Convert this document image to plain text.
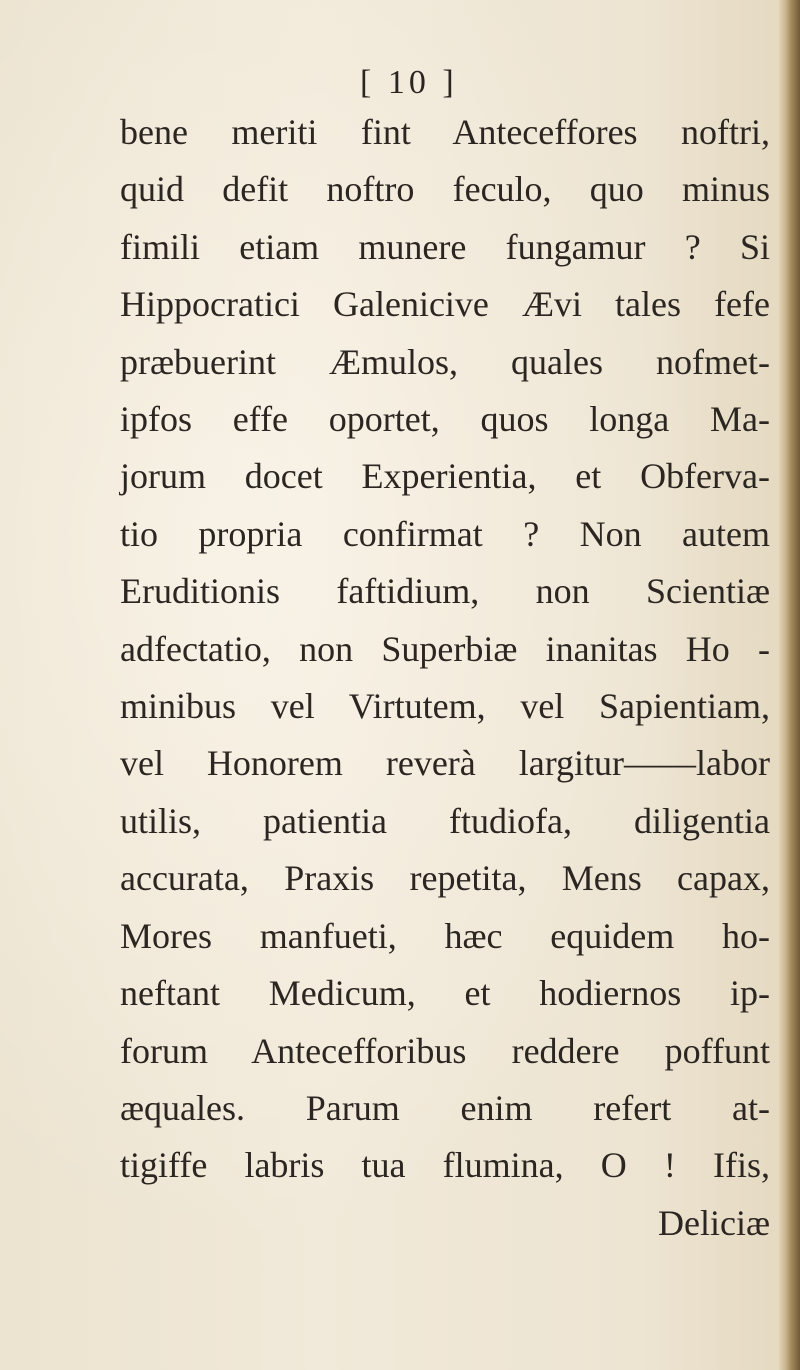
[ 10 ]
bene meriti fint Anteceffores noftri,
quid defit noftro feculo, quo minus
fimili etiam munere fungamur ? Si
Hippocratici Galenicive Ævi tales fefe
præbuerint Æmulos, quales nofmet-
ipfos effe oportet, quos longa Ma-
jorum docet Experientia, et Obferva-
tio propria confirmat ? Non autem
Eruditionis faftidium, non Scientiæ
adfectatio, non Superbiæ inanitas Ho -
minibus vel Virtutem, vel Sapientiam,
vel Honorem reverà largitur——labor
utilis, patientia ftudiofa, diligentia
accurata, Praxis repetita, Mens capax,
Mores manfueti, hæc equidem ho-
neftant Medicum, et hodiernos ip-
forum Antecefforibus reddere poffunt
æquales. Parum enim refert at-
tigiffe labris tua flumina, O ! Ifis,
Deliciæ
